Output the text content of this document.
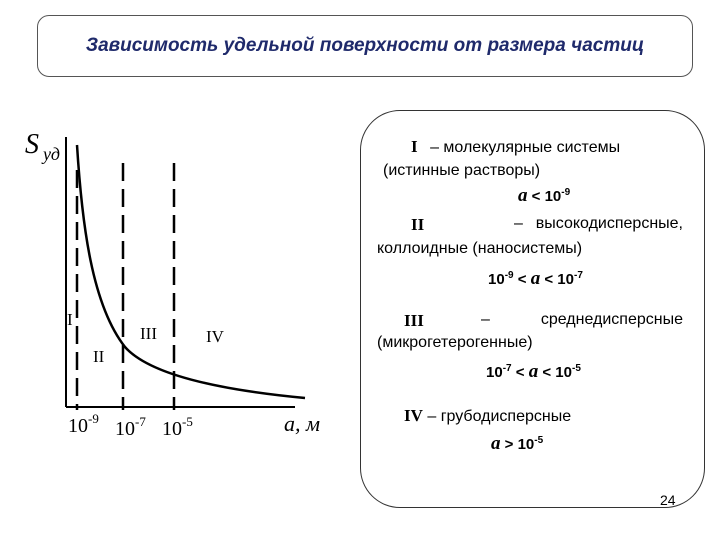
Зависимость удельной поверхности от размера частиц
S уд
I
II
III	IV
$10^{-9}$ $10^{-7}$ $10^{-5}$	a, м
I – молекулярные системы
(истинные растворы)
$a < 10^{-9}$
II	– высокодисперсные,
коллоидные (наносистемы)
$10^{-9} < a < 10^{-7}$
III	–	среднедисперсные
(микрогетерогенные)
$10^{-7} < a < 10^{-5}$
IV – грубодисперсные
$a > 10^{-5}$
24
